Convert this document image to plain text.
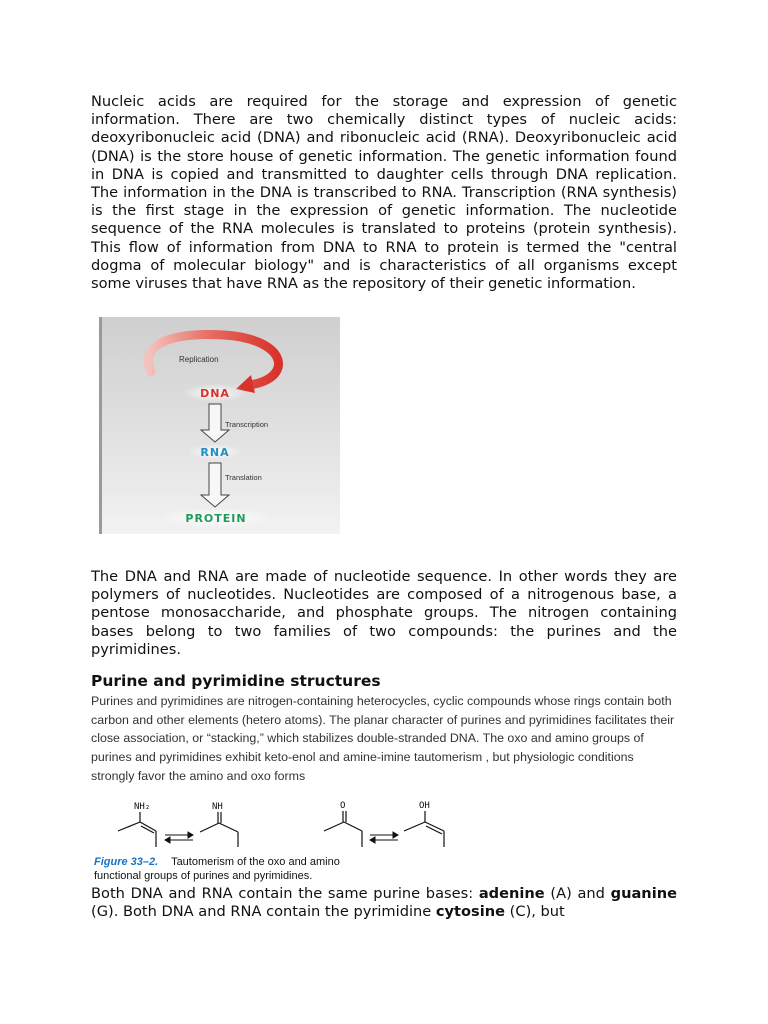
Nucleic acids are required for the storage and expression of genetic information. There are two chemically distinct types of nucleic acids: deoxyribonucleic acid (DNA) and ribonucleic acid (RNA). Deoxyribonucleic acid (DNA) is the store house of genetic information. The genetic information found in DNA is copied and transmitted to daughter cells through DNA replication. The information in the DNA is transcribed to RNA. Transcription (RNA synthesis) is the first stage in the expression of genetic information. The nucleotide sequence of the RNA molecules is translated to proteins (protein synthesis). This flow of information from DNA to RNA to protein is termed the "central dogma of molecular biology" and is characteristics of all organisms except some viruses that have RNA as the repository of their genetic information.

Replication
DNA
Transcription
RNA
Translation
PROTEIN

The DNA and RNA are made of nucleotide sequence. In other words they are polymers of nucleotides. Nucleotides are composed of a nitrogenous base, a pentose monosaccharide, and phosphate groups. The nitrogen containing bases belong to two families of two compounds: the purines and the pyrimidines.

Purine and pyrimidine structures

Purines and pyrimidines are nitrogen-containing heterocycles, cyclic compounds whose rings contain both carbon and other elements (hetero atoms). The planar character of purines and pyrimidines facilitates their close association, or “stacking,” which stabilizes double-stranded DNA. The oxo and amino groups of purines and pyrimidines exhibit keto-enol and amine-imine tautomerism , but physiologic conditions strongly favor the amino and oxo forms

NH₂	NH	O	OH
Figure 33–2. Tautomerism of the oxo and amino
functional groups of purines and pyrimidines.

Both DNA and RNA contain the same purine bases: adenine (A) and guanine (G). Both DNA and RNA contain the pyrimidine cytosine (C), but
